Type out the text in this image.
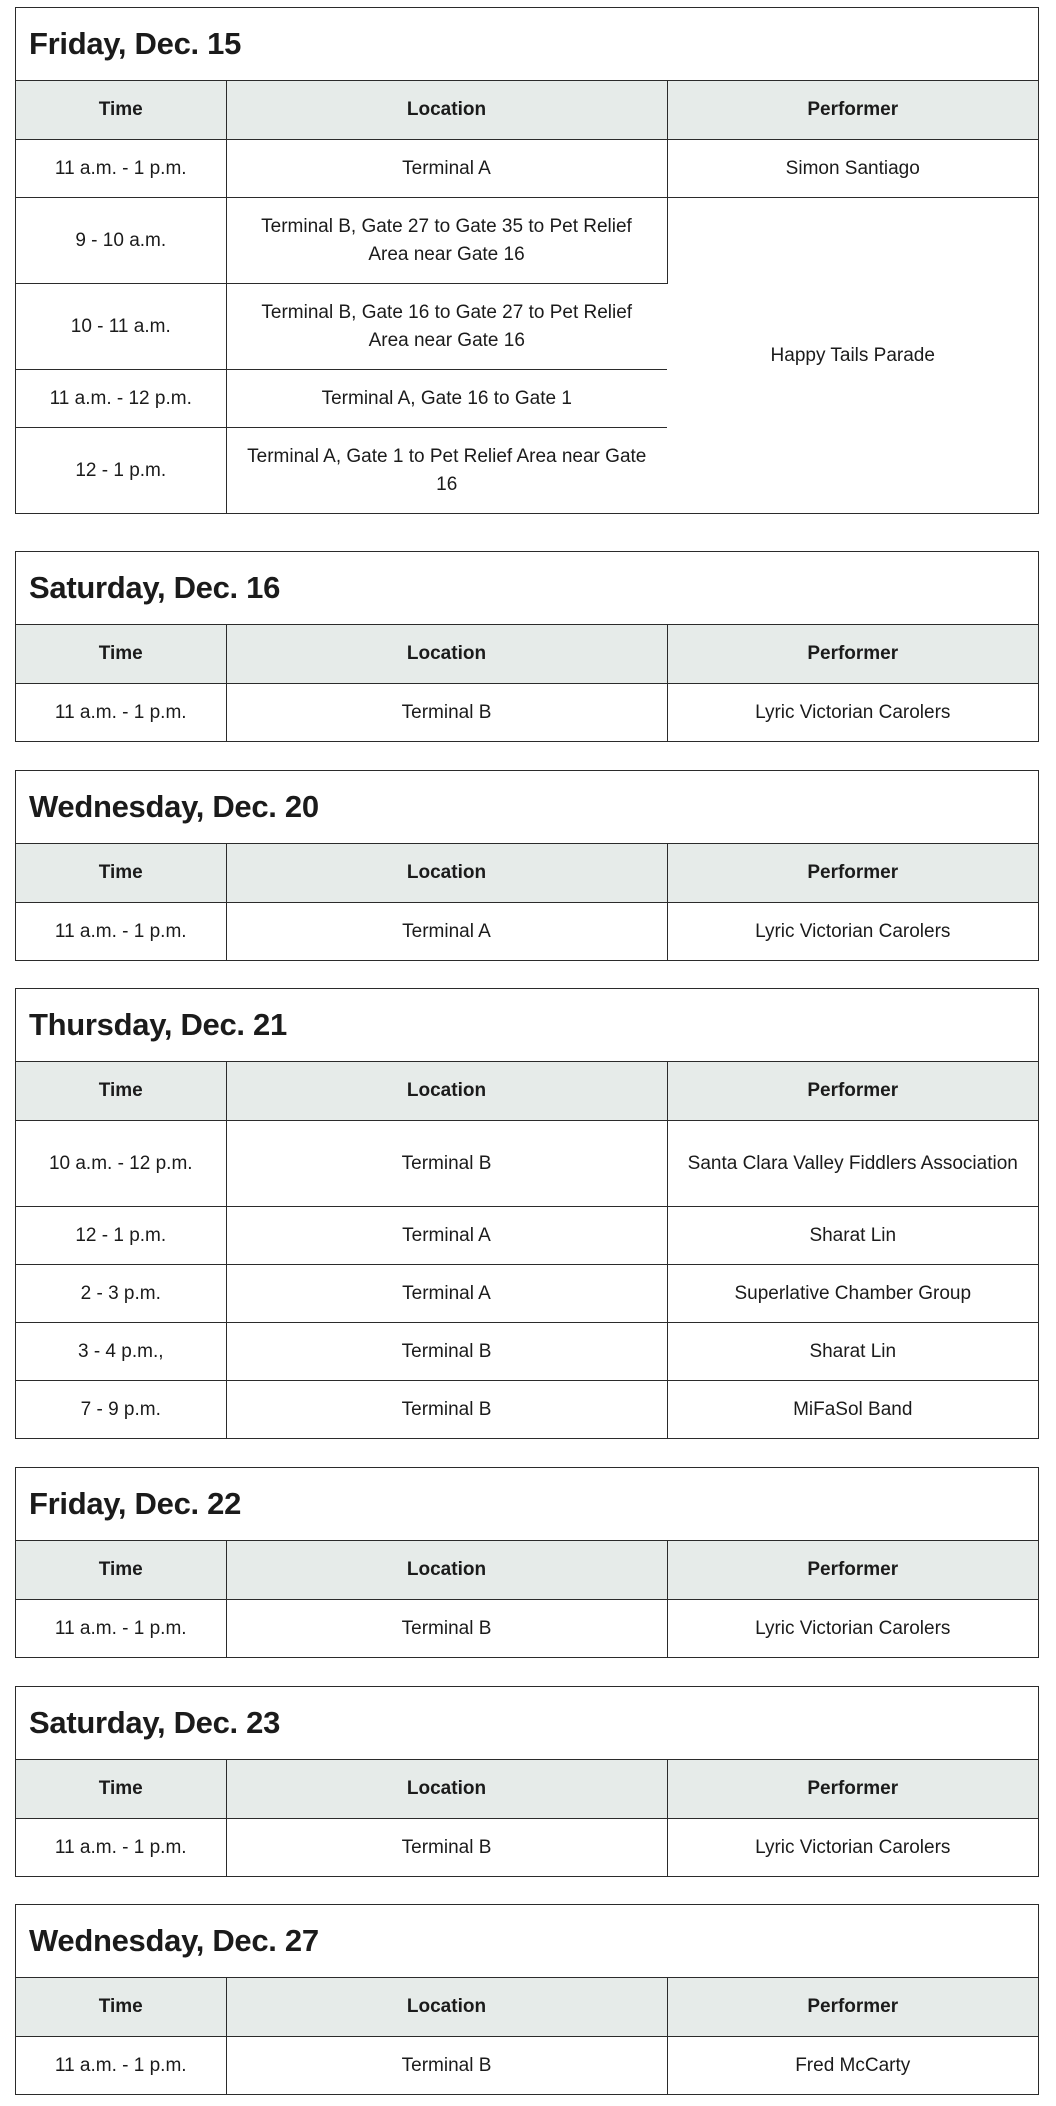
Friday, Dec. 15
Time	Location	Performer
11 a.m. - 1 p.m.	Terminal A	Simon Santiago
9 - 10 a.m.	Terminal B, Gate 27 to Gate 35 to Pet Relief Area near Gate 16	Happy Tails Parade
10 - 11 a.m.	Terminal B, Gate 16 to Gate 27 to Pet Relief Area near Gate 16	
11 a.m. - 12 p.m.	Terminal A, Gate 16 to Gate 1	
12 - 1 p.m.	Terminal A, Gate 1 to Pet Relief Area near Gate 16	
Saturday, Dec. 16
Time	Location	Performer
11 a.m. - 1 p.m.	Terminal B	Lyric Victorian Carolers
Wednesday, Dec. 20
Time	Location	Performer
11 a.m. - 1 p.m.	Terminal A	Lyric Victorian Carolers
Thursday, Dec. 21
Time	Location	Performer
10 a.m. - 12 p.m.	Terminal B	Santa Clara Valley Fiddlers Association
12 - 1 p.m.	Terminal A	Sharat Lin
2 - 3 p.m.	Terminal A	Superlative Chamber Group
3 - 4 p.m.,	Terminal B	Sharat Lin
7 - 9 p.m.	Terminal B	MiFaSol Band
Friday, Dec. 22
Time	Location	Performer
11 a.m. - 1 p.m.	Terminal B	Lyric Victorian Carolers
Saturday, Dec. 23
Time	Location	Performer
11 a.m. - 1 p.m.	Terminal B	Lyric Victorian Carolers
Wednesday, Dec. 27
Time	Location	Performer
11 a.m. - 1 p.m.	Terminal B	Fred McCarty
